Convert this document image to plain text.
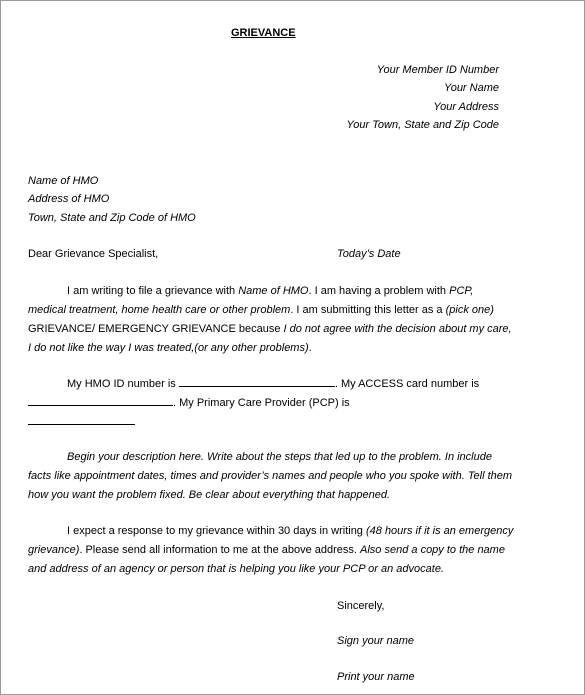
GRIEVANCE
Your Member ID Number
Your Name
Your Address
Your Town, State and Zip Code
Name of HMO
Address of HMO
Town, State and Zip Code of HMO
Dear Grievance Specialist,	Today’s Date
I am writing to file a grievance with Name of HMO. I am having a problem with PCP,
medical treatment, home health care or other problem. I am submitting this letter as a (pick one)
GRIEVANCE/ EMERGENCY GRIEVANCE because I do not agree with the decision about my care,
I do not like the way I was treated,(or any other problems).
My HMO ID number is	. My ACCESS card number is
. My Primary Care Provider (PCP) is
Begin your description here. Write about the steps that led up to the problem. In include
facts like appointment dates, times and provider’s names and people who you spoke with. Tell them
how you want the problem fixed. Be clear about everything that happened.
I expect a response to my grievance within 30 days in writing (48 hours if it is an emergency
grievance). Please send all information to me at the above address. Also send a copy to the name
and address of an agency or person that is helping you like your PCP or an advocate.
Sincerely,
Sign your name
Print your name
